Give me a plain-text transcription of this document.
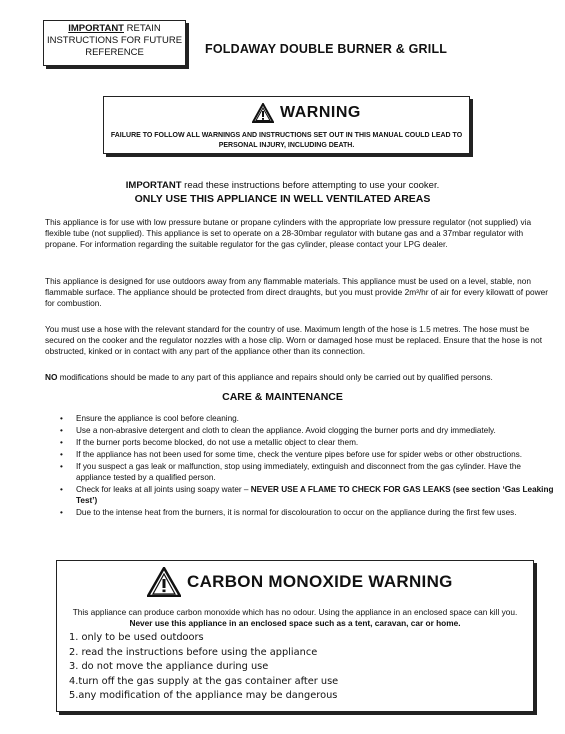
IMPORTANT RETAIN
INSTRUCTIONS FOR FUTURE
REFERENCE	FOLDAWAY DOUBLE BURNER & GRILL
WARNING
FAILURE TO FOLLOW ALL WARNINGS AND INSTRUCTIONS SET OUT IN THIS MANUAL COULD LEAD TO PERSONAL INJURY, INCLUDING DEATH.
IMPORTANT read these instructions before attempting to use your cooker.
ONLY USE THIS APPLIANCE IN WELL VENTILATED AREAS
This appliance is for use with low pressure butane or propane cylinders with the appropriate low pressure regulator (not supplied) via flexible tube (not supplied). This appliance is set to operate on a 28-30mbar regulator with butane gas and a 37mbar regulator with propane. For information regarding the suitable regulator for the gas cylinder, please contact your LPG dealer.
This appliance is designed for use outdoors away from any flammable materials. This appliance must be used on a level, stable, non flammable surface. The appliance should be protected from direct draughts, but you must provide 2m³/hr of air for every kilowatt of power for combustion.
You must use a hose with the relevant standard for the country of use. Maximum length of the hose is 1.5 metres. The hose must be secured on the cooker and the regulator nozzles with a hose clip. Worn or damaged hose must be replaced. Ensure that the hose is not obstructed, kinked or in contact with any part of the appliance other than its connection.
NO modifications should be made to any part of this appliance and repairs should only be carried out by qualified persons.
CARE & MAINTENANCE
• Ensure the appliance is cool before cleaning.
• Use a non-abrasive detergent and cloth to clean the appliance. Avoid clogging the burner ports and dry immediately.
• If the burner ports become blocked, do not use a metallic object to clear them.
• If the appliance has not been used for some time, check the venture pipes before use for spider webs or other obstructions.
• If you suspect a gas leak or malfunction, stop using immediately, extinguish and disconnect from the gas cylinder. Have the appliance tested by a qualified person.
• Check for leaks at all joints using soapy water – NEVER USE A FLAME TO CHECK FOR GAS LEAKS (see section ‘Gas Leaking Test’)
• Due to the intense heat from the burners, it is normal for discolouration to occur on the appliance during the first few uses.
CARBON MONOXIDE WARNING
This appliance can produce carbon monoxide which has no odour. Using the appliance in an enclosed space can kill you. Never use this appliance in an enclosed space such as a tent, caravan, car or home.
1. only to be used outdoors
2. read the instructions before using the appliance
3. do not move the appliance during use
4.turn off the gas supply at the gas container after use
5.any modification of the appliance may be dangerous
